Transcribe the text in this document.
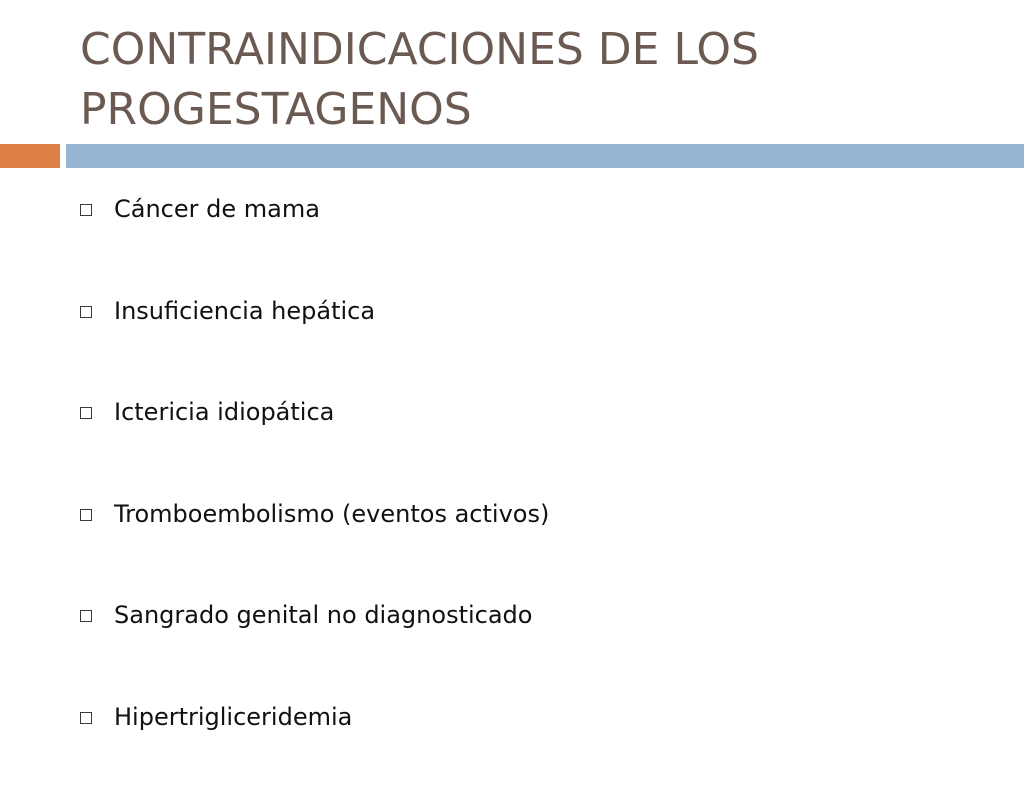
CONTRAINDICACIONES DE LOS
PROGESTAGENOS
Cáncer de mama
Insuficiencia hepática
Ictericia idiopática
Tromboembolismo (eventos activos)
Sangrado genital no diagnosticado
Hipertrigliceridemia
